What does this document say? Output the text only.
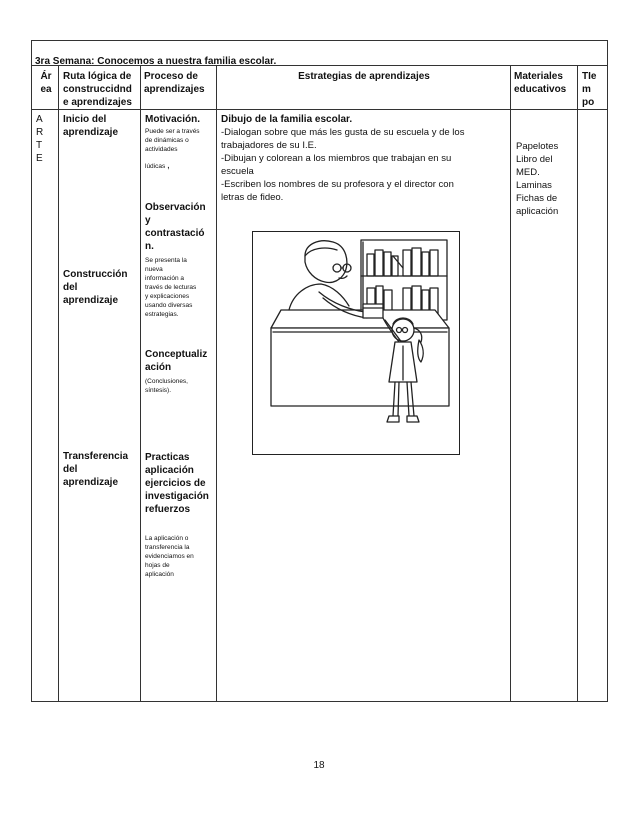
3ra Semana: Conocemos a nuestra familia escolar.
Ár
ea
Ruta lógica de
construccidnd
e aprendizajes
Proceso de
aprendizajes
Estrategias de aprendizajes	Materiales
educativos
TIe
m
po
A
R
T
E
Inicio del
aprendizaje
Construcción
del
aprendizaje
Transferencia
del
aprendizaje
Motivación.
Puede ser a través
de dinámicas o
actividades
lúdicas ,
Observación
y
contrastació
n.
Se presenta la
nueva
información a
través de lecturas
y explicaciones
usando diversas
estrategias.
Conceptualiz
ación
(Conclusiones,
síntesis).
Practicas
aplicación
ejercicios de
investigación
refuerzos
La aplicación o
transferencia la
evidenciamos en
hojas de
aplicación
Dibujo de la familia escolar.
-Dialogan sobre que más les gusta de su escuela y de los
trabajadores de su I.E.
-Dibujan y colorean a los miembros que trabajan en su
escuela
-Escriben los nombres de su profesora y el director con
letras de fideo.
Papelotes
Libro del
MED.
Laminas
Fichas de
aplicación
18
